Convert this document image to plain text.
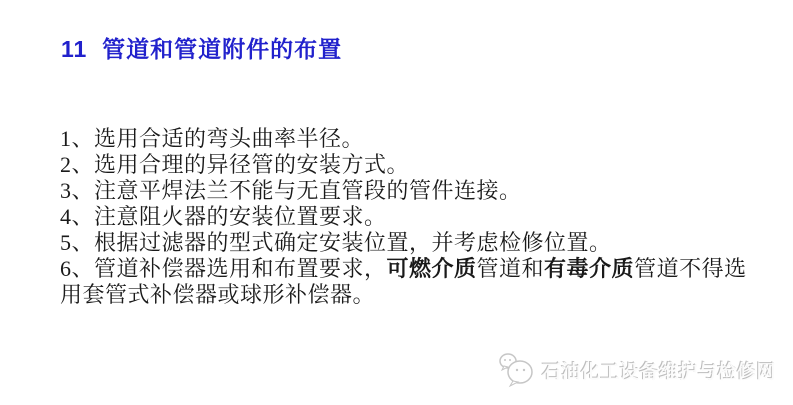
11  管道和管道附件的布置
1、选用合适的弯头曲率半径。
2、选用合理的异径管的安装方式。
3、注意平焊法兰不能与无直管段的管件连接。
4、注意阻火器的安装位置要求。
5、根据过滤器的型式确定安装位置，并考虑检修位置。
6、管道补偿器选用和布置要求，可燃介质管道和有毒介质管道不得选
用套管式补偿器或球形补偿器。
石油化工设备维护与检修网
